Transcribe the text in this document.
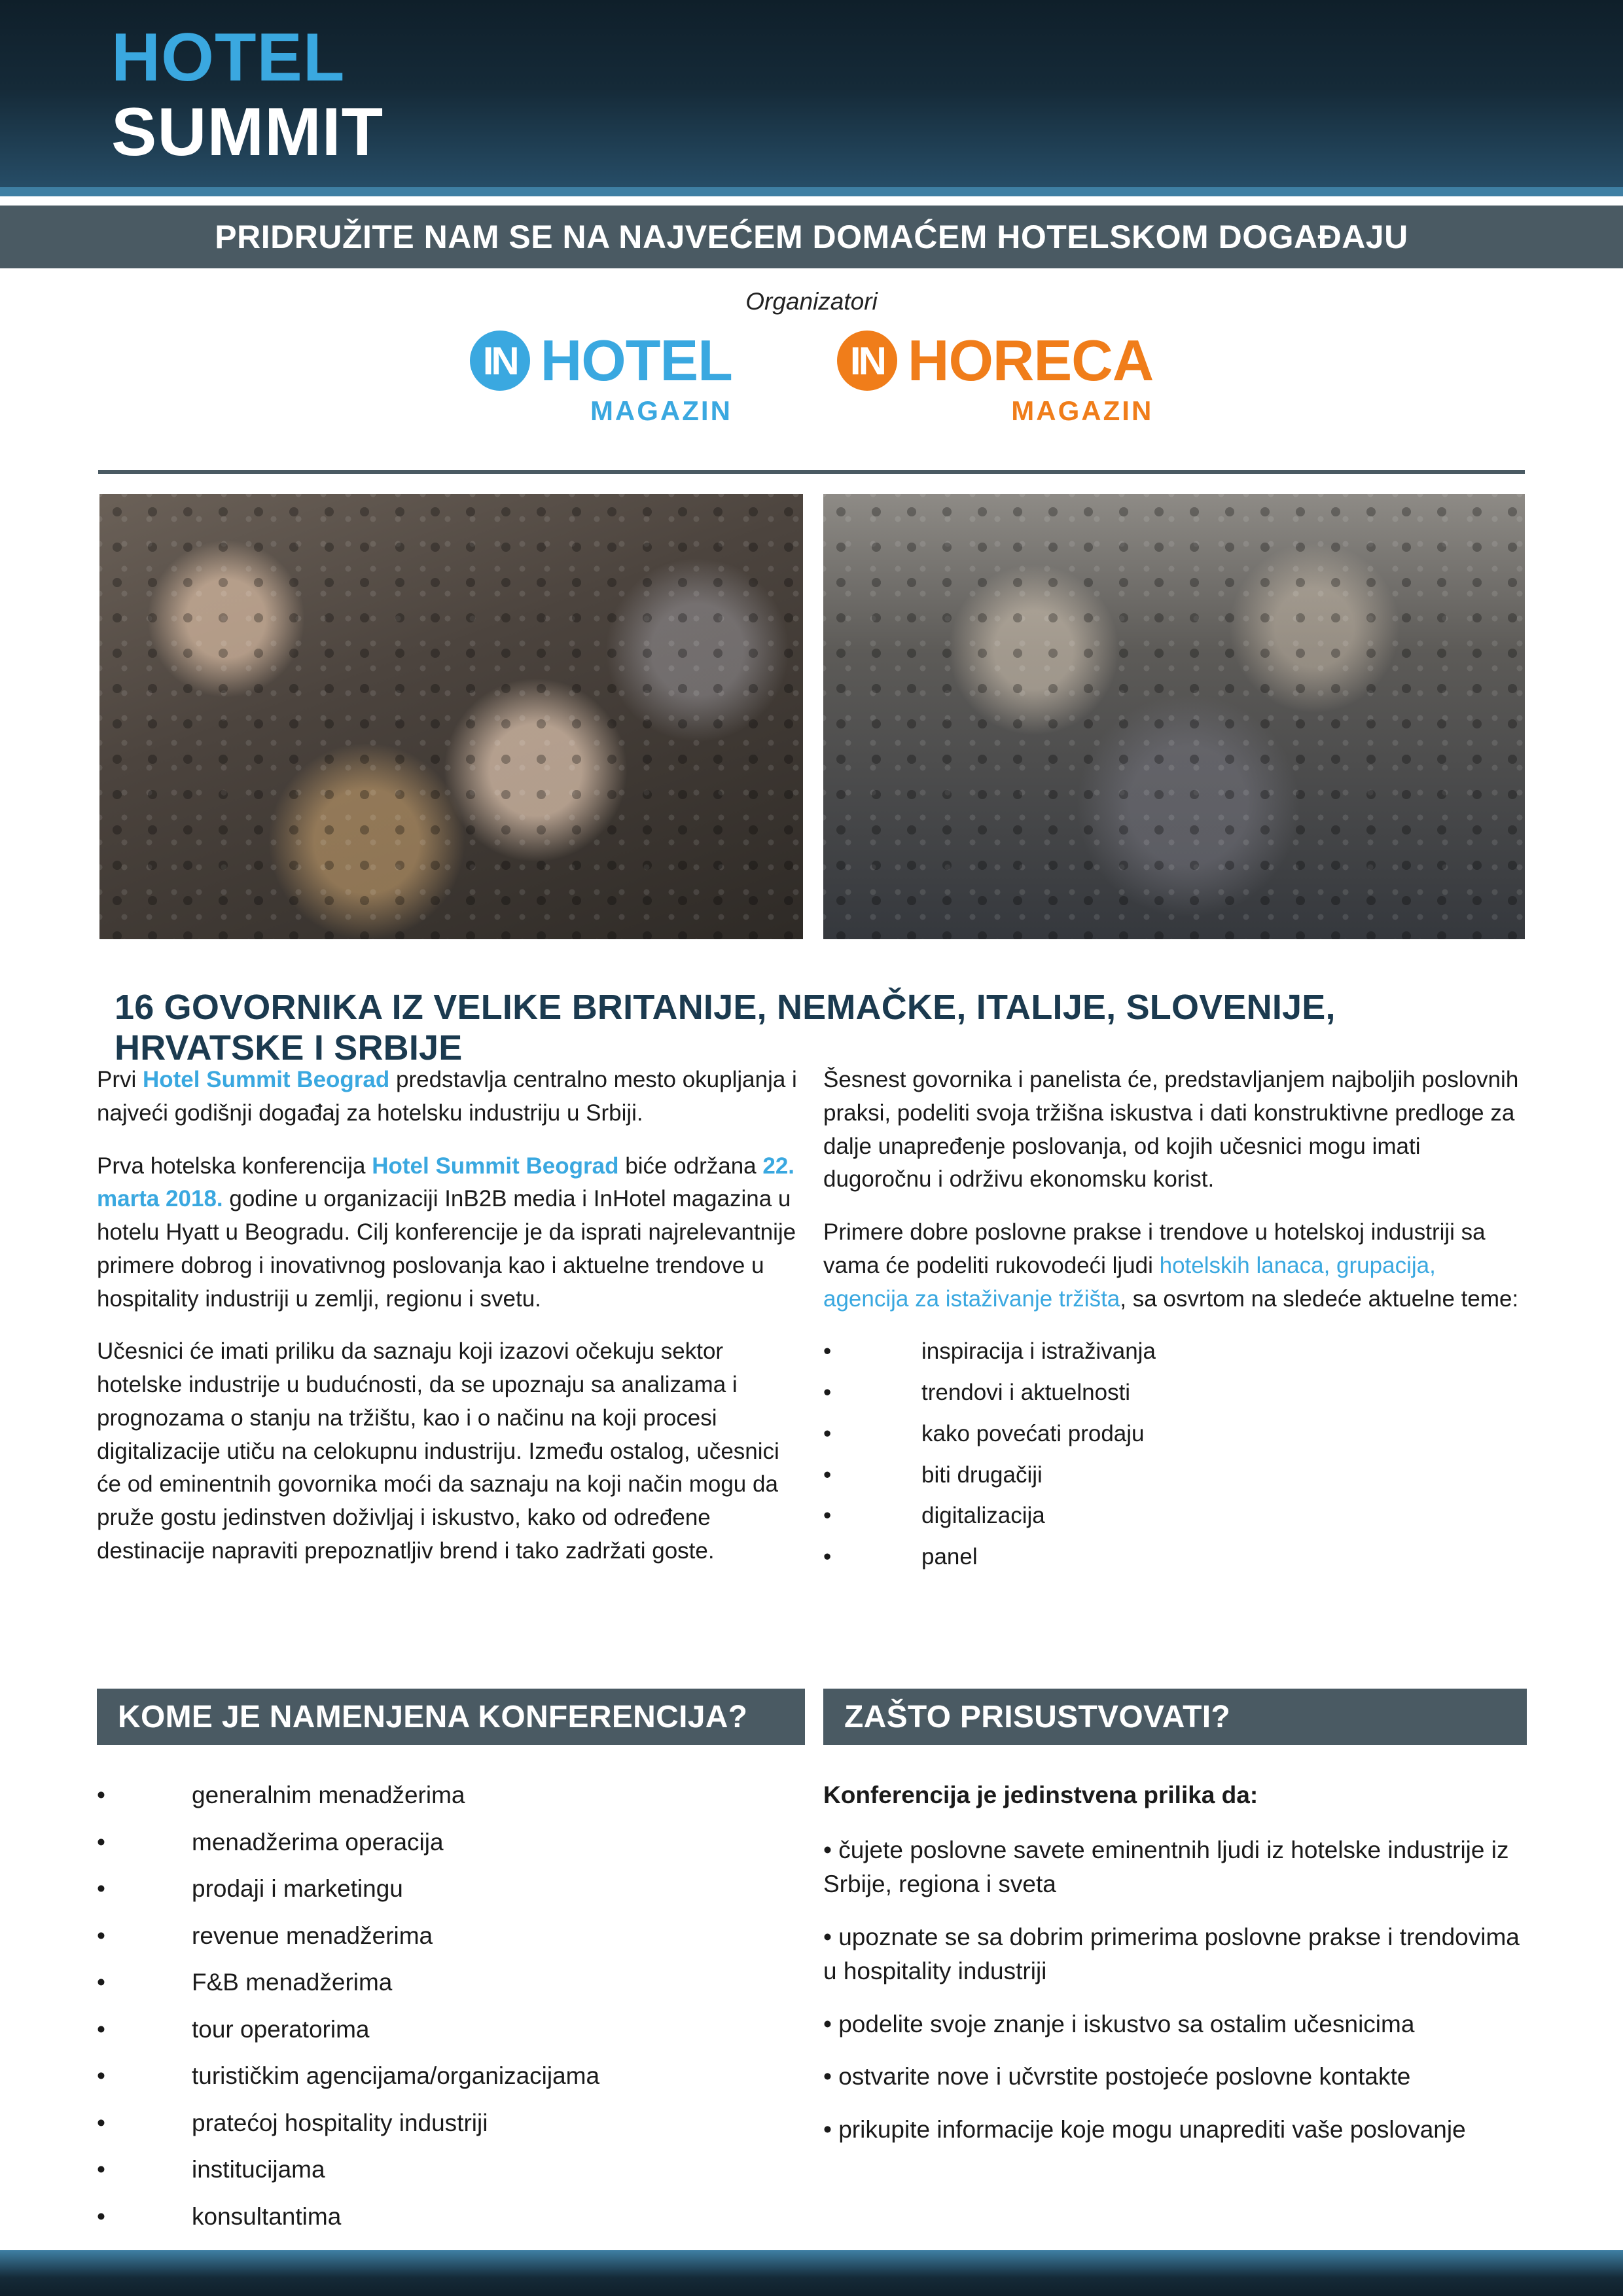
HOTEL
SUMMIT
PRIDRUŽITE NAM SE NA NAJVEĆEM DOMAĆEM HOTELSKOM DOGAĐAJU
Organizatori
IN HOTEL
MAGAZIN
IN HORECA
MAGAZIN
16 GOVORNIKA IZ VELIKE BRITANIJE, NEMAČKE, ITALIJE, SLOVENIJE, HRVATSKE I SRBIJE

Prvi Hotel Summit Beograd predstavlja centralno mesto okupljanja i najveći godišnji događaj za hotelsku industriju u Srbiji.

Prva hotelska konferencija Hotel Summit Beograd biće održana 22. marta 2018. godine u organizaciji InB2B media i InHotel magazina u hotelu Hyatt u Beogradu. Cilj konferencije je da isprati najrelevantnije primere dobrog i inovativnog poslovanja kao i aktuelne trendove u hospitality industriji u zemlji, regionu i svetu.

Učesnici će imati priliku da saznaju koji izazovi očekuju sektor hotelske industrije u budućnosti, da se upoznaju sa analizama i prognozama o stanju na tržištu, kao i o načinu na koji procesi digitalizacije utiču na celokupnu industriju. Između ostalog, učesnici će od eminentnih govornika moći da saznaju na koji način mogu da pruže gostu jedinstven doživljaj i iskustvo, kako od određene destinacije napraviti prepoznatljiv brend i tako zadržati goste.

Šesnest govornika i panelista će, predstavljanjem najboljih poslovnih praksi, podeliti svoja tržišna iskustva i dati konstruktivne predloge za dalje unapređenje poslovanja, od kojih učesnici mogu imati dugoročnu i održivu ekonomsku korist.

Primere dobre poslovne prakse i trendove u hotelskoj industriji sa vama će podeliti rukovodeći ljudi hotelskih lanaca, grupacija, agencija za istaživanje tržišta, sa osvrtom na sledeće aktuelne teme:

•	inspiracija i istraživanja
•	trendovi i aktuelnosti
•	kako povećati prodaju
•	biti drugačiji
•	digitalizacija
•	panel
KOME JE NAMENJENA KONFERENCIJA?	ZAŠTO PRISUSTVOVATI?
•	generalnim menadžerima
•	menadžerima operacija
•	prodaji i marketingu
•	revenue menadžerima
•	F&B menadžerima
•	tour operatorima
•	turističkim agencijama/organizacijama
•	pratećoj hospitality industriji
•	institucijama
•	konsultantima

Konferencija je jedinstvena prilika da:

• čujete poslovne savete eminentnih ljudi iz hotelske industrije iz Srbije, regiona i sveta
• upoznate se sa dobrim primerima poslovne prakse i trendovima u hospitality industriji
• podelite svoje znanje i iskustvo sa ostalim učesnicima
• ostvarite nove i učvrstite postojeće poslovne kontakte
• prikupite informacije koje mogu unaprediti vaše poslovanje
